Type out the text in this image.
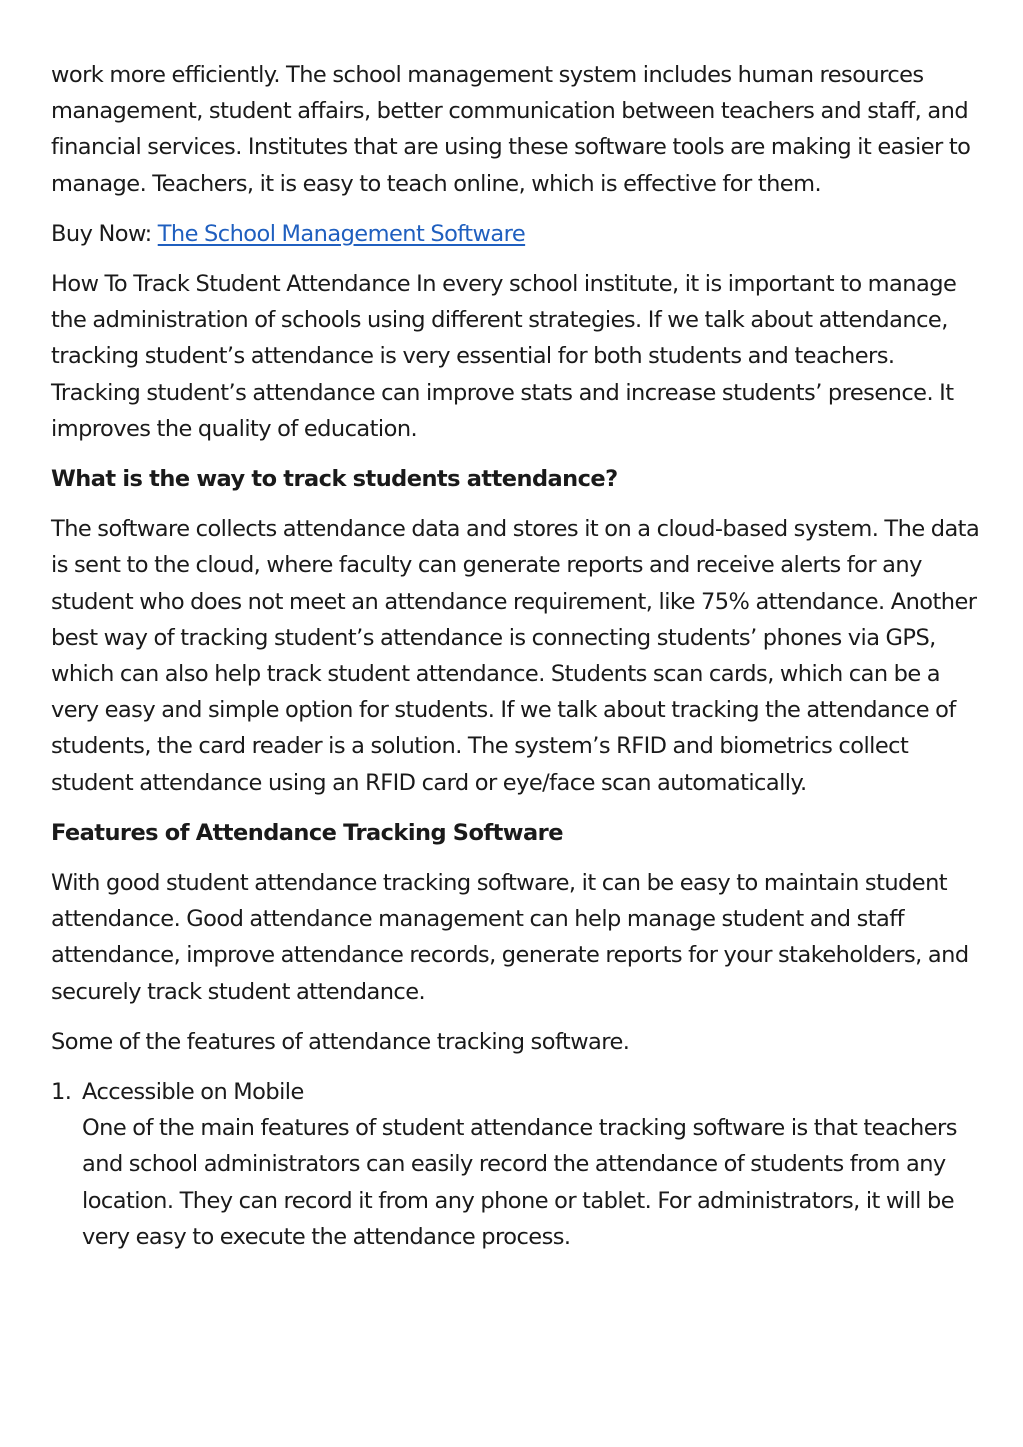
work more efficiently. The school management system includes human resources management, student affairs, better communication between teachers and staff, and financial services. Institutes that are using these software tools are making it easier to manage. Teachers, it is easy to teach online, which is effective for them.

Buy Now: The School Management Software

How To Track Student Attendance In every school institute, it is important to manage the administration of schools using different strategies. If we talk about attendance, tracking student’s attendance is very essential for both students and teachers. Tracking student’s attendance can improve stats and increase students’ presence. It improves the quality of education.

What is the way to track students attendance?

The software collects attendance data and stores it on a cloud-based system. The data is sent to the cloud, where faculty can generate reports and receive alerts for any student who does not meet an attendance requirement, like 75% attendance. Another best way of tracking student’s attendance is connecting students’ phones via GPS, which can also help track student attendance. Students scan cards, which can be a very easy and simple option for students. If we talk about tracking the attendance of students, the card reader is a solution. The system’s RFID and biometrics collect student attendance using an RFID card or eye/face scan automatically.

Features of Attendance Tracking Software

With good student attendance tracking software, it can be easy to maintain student attendance. Good attendance management can help manage student and staff attendance, improve attendance records, generate reports for your stakeholders, and securely track student attendance.

Some of the features of attendance tracking software.

1. Accessible on Mobile
One of the main features of student attendance tracking software is that teachers and school administrators can easily record the attendance of students from any location. They can record it from any phone or tablet. For administrators, it will be very easy to execute the attendance process.
